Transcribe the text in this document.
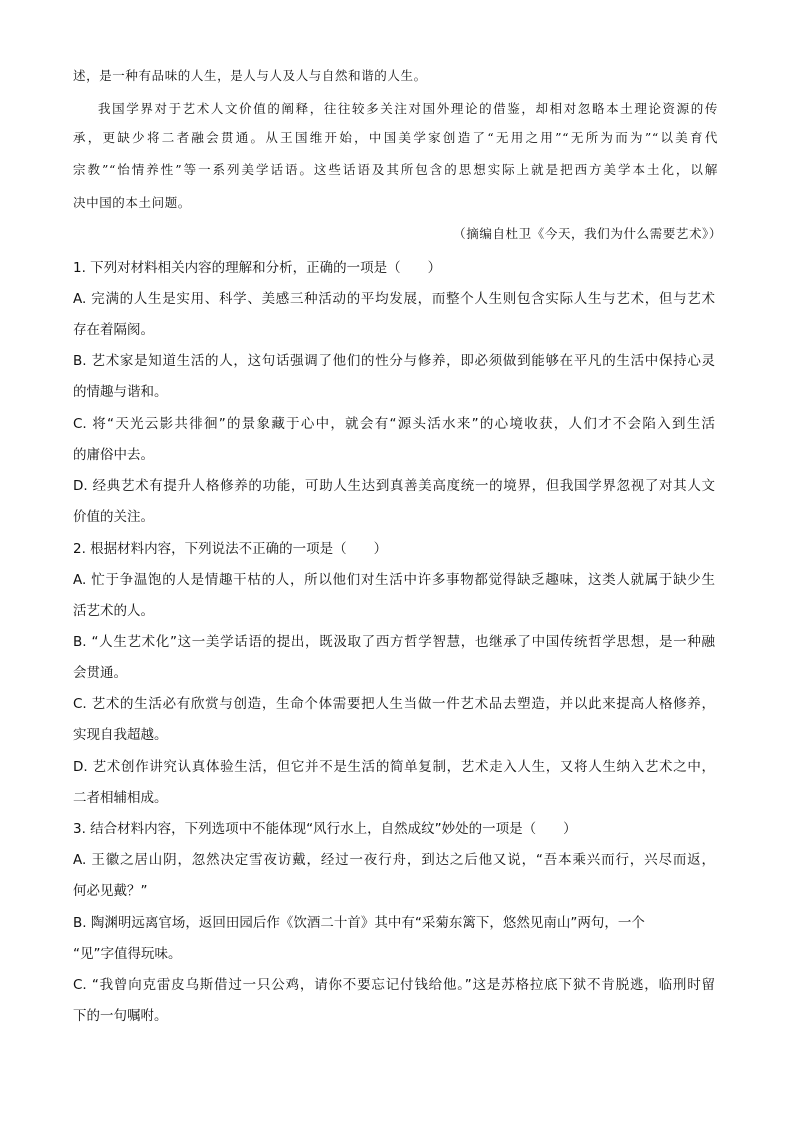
述，是一种有品味的人生，是人与人及人与自然和谐的人生。
我国学界对于艺术人文价值的阐释，往往较多关注对国外理论的借鉴，却相对忽略本土理论资源的传
承，更缺少将二者融会贯通。从王国维开始，中国美学家创造了“无用之用”“无所为而为”“以美育代
宗教”“怡情养性”等一系列美学话语。这些话语及其所包含的思想实际上就是把西方美学本土化，以解
决中国的本土问题。
（摘编自杜卫《今天，我们为什么需要艺术》）
1. 下列对材料相关内容的理解和分析，正确的一项是（　　）
A. 完满的人生是实用、科学、美感三种活动的平均发展，而整个人生则包含实际人生与艺术，但与艺术
存在着隔阂。
B. 艺术家是知道生活的人，这句话强调了他们的性分与修养，即必须做到能够在平凡的生活中保持心灵
的情趣与谐和。
C. 将“天光云影共徘徊”的景象藏于心中，就会有“源头活水来”的心境收获，人们才不会陷入到生活
的庸俗中去。
D. 经典艺术有提升人格修养的功能，可助人生达到真善美高度统一的境界，但我国学界忽视了对其人文
价值的关注。
2. 根据材料内容，下列说法不正确的一项是（　　）
A. 忙于争温饱的人是情趣干枯的人，所以他们对生活中许多事物都觉得缺乏趣味，这类人就属于缺少生
活艺术的人。
B. “人生艺术化”这一美学话语的提出，既汲取了西方哲学智慧，也继承了中国传统哲学思想，是一种融
会贯通。
C. 艺术的生活必有欣赏与创造，生命个体需要把人生当做一件艺术品去塑造，并以此来提高人格修养，
实现自我超越。
D. 艺术创作讲究认真体验生活，但它并不是生活的简单复制，艺术走入人生，又将人生纳入艺术之中，
二者相辅相成。
3. 结合材料内容，下列选项中不能体现“风行水上，自然成纹”妙处的一项是（　　）
A. 王徽之居山阴，忽然决定雪夜访戴，经过一夜行舟，到达之后他又说，“吾本乘兴而行，兴尽而返，
何必见戴？”
B. 陶渊明远离官场，返回田园后作《饮酒二十首》其中有“采菊东篱下，悠然见南山”两句，一个
“见”字值得玩味。
C. “我曾向克雷皮乌斯借过一只公鸡，请你不要忘记付钱给他。”这是苏格拉底下狱不肯脱逃，临刑时留
下的一句嘱咐。
